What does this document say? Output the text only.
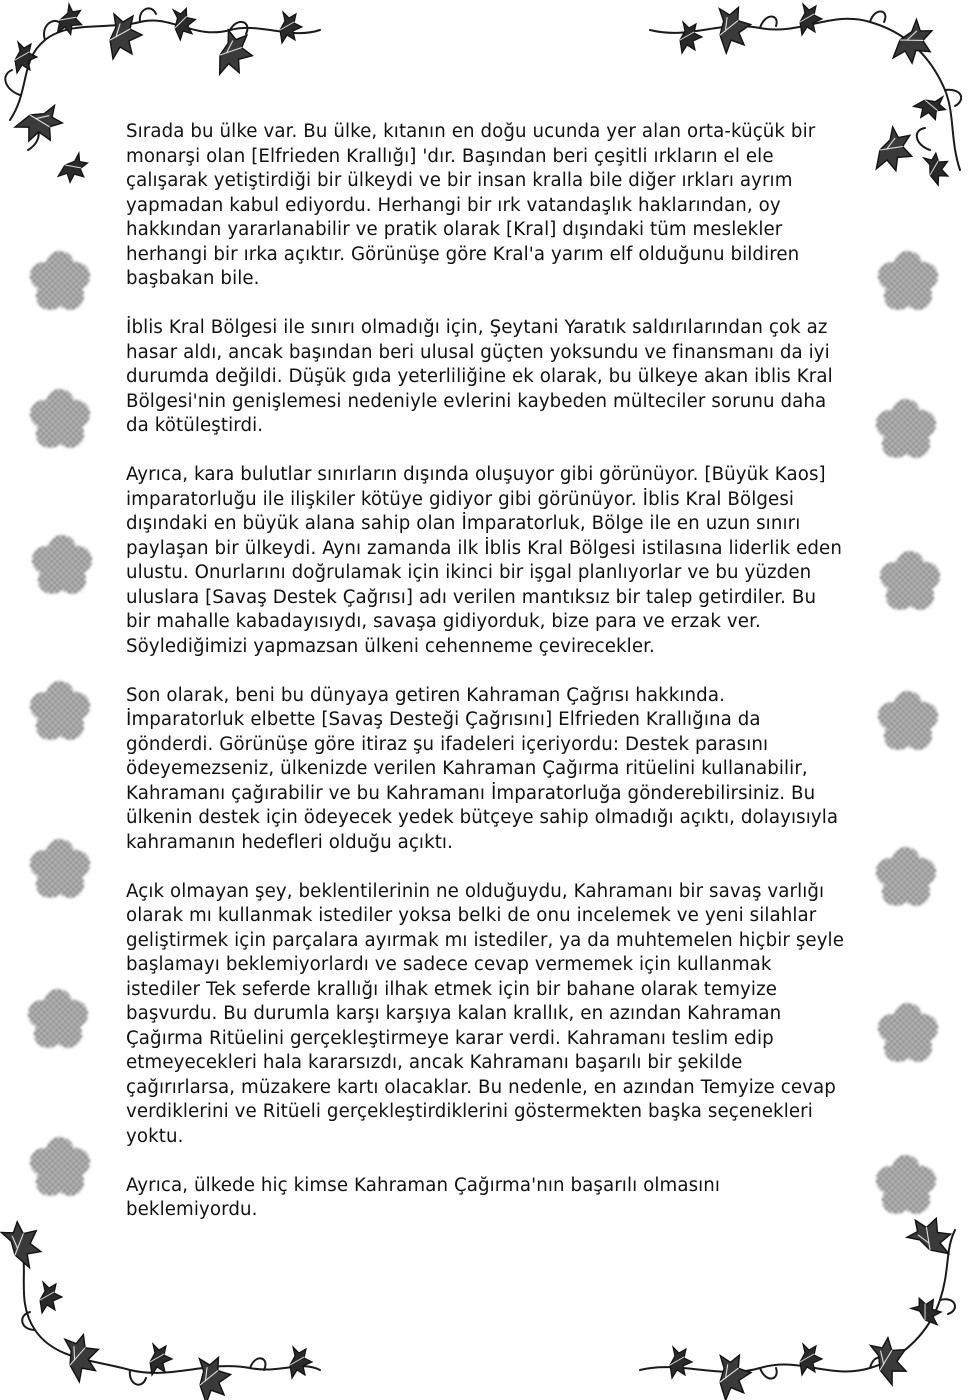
Sırada bu ülke var. Bu ülke, kıtanın en doğu ucunda yer alan orta-küçük bir monarşi olan [Elfrieden Krallığı] 'dır. Başından beri çeşitli ırkların el ele çalışarak yetiştirdiği bir ülkeydi ve bir insan kralla bile diğer ırkları ayrım yapmadan kabul ediyordu. Herhangi bir ırk vatandaşlık haklarından, oy hakkından yararlanabilir ve pratik olarak [Kral] dışındaki tüm meslekler herhangi bir ırka açıktır. Görünüşe göre Kral'a yarım elf olduğunu bildiren başbakan bile.

İblis Kral Bölgesi ile sınırı olmadığı için, Şeytani Yaratık saldırılarından çok az hasar aldı, ancak başından beri ulusal güçten yoksundu ve finansmanı da iyi durumda değildi. Düşük gıda yeterliliğine ek olarak, bu ülkeye akan iblis Kral Bölgesi'nin genişlemesi nedeniyle evlerini kaybeden mülteciler sorunu daha da kötüleştirdi.

Ayrıca, kara bulutlar sınırların dışında oluşuyor gibi görünüyor. [Büyük Kaos] imparatorluğu ile ilişkiler kötüye gidiyor gibi görünüyor. İblis Kral Bölgesi dışındaki en büyük alana sahip olan İmparatorluk, Bölge ile en uzun sınırı paylaşan bir ülkeydi. Aynı zamanda ilk İblis Kral Bölgesi istilasına liderlik eden ulustu. Onurlarını doğrulamak için ikinci bir işgal planlıyorlar ve bu yüzden uluslara [Savaş Destek Çağrısı] adı verilen mantıksız bir talep getirdiler. Bu bir mahalle kabadayısıydı, savaşa gidiyorduk, bize para ve erzak ver. Söylediğimizi yapmazsan ülkeni cehenneme çevirecekler.

Son olarak, beni bu dünyaya getiren Kahraman Çağrısı hakkında. İmparatorluk elbette [Savaş Desteği Çağrısını] Elfrieden Krallığına da gönderdi. Görünüşe göre itiraz şu ifadeleri içeriyordu: Destek parasını ödeyemezseniz, ülkenizde verilen Kahraman Çağırma ritüelini kullanabilir, Kahramanı çağırabilir ve bu Kahramanı İmparatorluğa gönderebilirsiniz. Bu ülkenin destek için ödeyecek yedek bütçeye sahip olmadığı açıktı, dolayısıyla kahramanın hedefleri olduğu açıktı.

Açık olmayan şey, beklentilerinin ne olduğuydu, Kahramanı bir savaş varlığı olarak mı kullanmak istediler yoksa belki de onu incelemek ve yeni silahlar geliştirmek için parçalara ayırmak mı istediler, ya da muhtemelen hiçbir şeyle başlamayı beklemiyorlardı ve sadece cevap vermemek için kullanmak istediler Tek seferde krallığı ilhak etmek için bir bahane olarak temyize başvurdu. Bu durumla karşı karşıya kalan krallık, en azından Kahraman Çağırma Ritüelini gerçekleştirmeye karar verdi. Kahramanı teslim edip etmeyecekleri hala kararsızdı, ancak Kahramanı başarılı bir şekilde çağırırlarsa, müzakere kartı olacaklar. Bu nedenle, en azından Temyize cevap verdiklerini ve Ritüeli gerçekleştirdiklerini göstermekten başka seçenekleri yoktu.

Ayrıca, ülkede hiç kimse Kahraman Çağırma'nın başarılı olmasını beklemiyordu.
